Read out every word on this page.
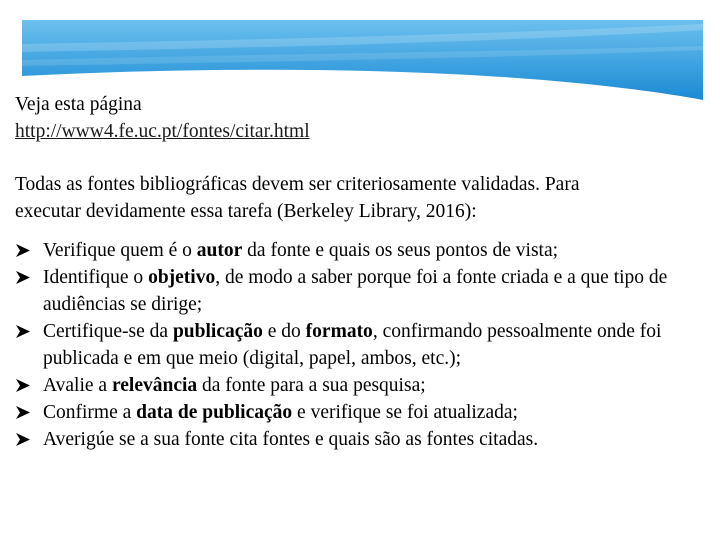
Veja esta página
http://www4.fe.uc.pt/fontes/citar.html
Todas as fontes bibliográficas devem ser criteriosamente validadas. Para
executar devidamente essa tarefa (Berkeley Library, 2016):
Verifique quem é o autor da fonte e quais os seus pontos de vista;
Identifique o objetivo, de modo a saber porque foi a fonte criada e a que tipo de audiências se dirige;
Certifique-se da publicação e do formato, confirmando pessoalmente onde foi publicada e em que meio (digital, papel, ambos, etc.);
Avalie a relevância da fonte para a sua pesquisa;
Confirme a data de publicação e verifique se foi atualizada;
Averigúe se a sua fonte cita fontes e quais são as fontes citadas.
